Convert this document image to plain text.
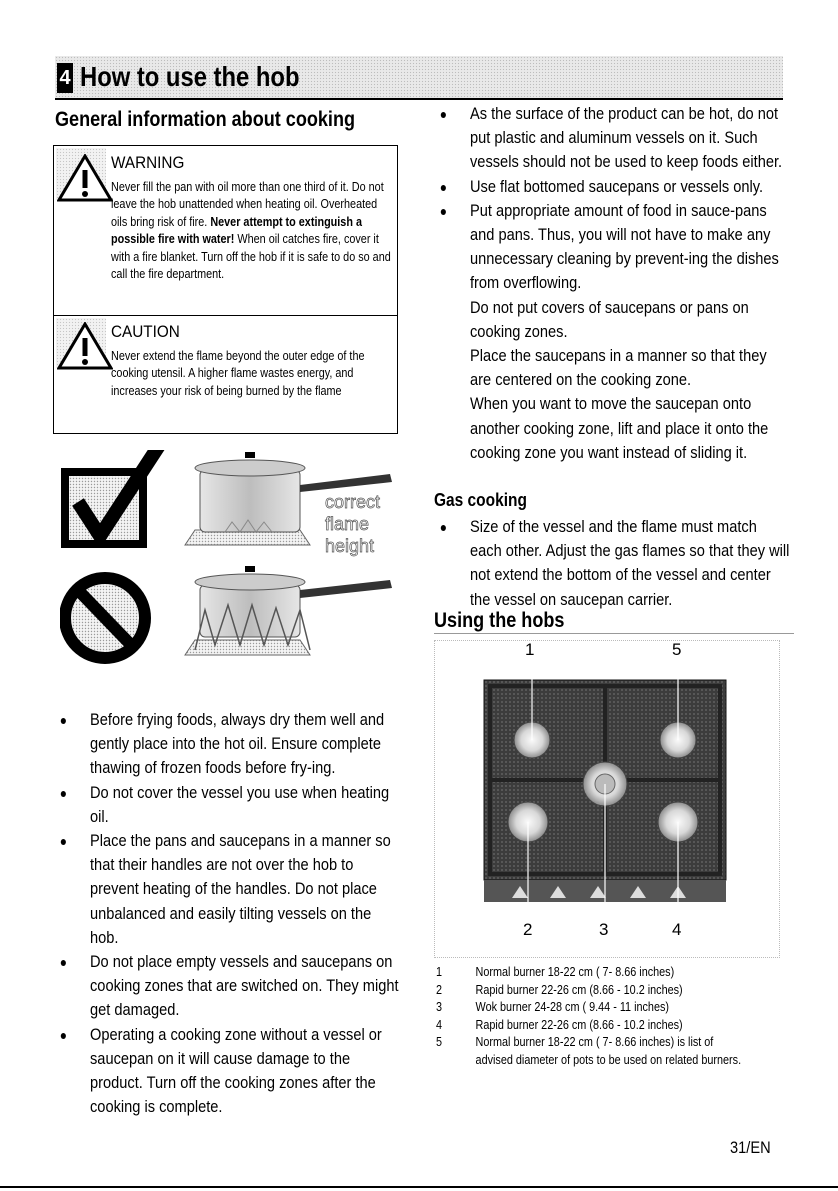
4 How to use the hob
General information about cooking
WARNING
Never fill the pan with oil more than one third of it. Do not leave the hob unattended when heating oil. Overheated oils bring risk of fire. Never attempt to extinguish a possible fire with water! When oil catches fire, cover it with a fire blanket. Turn off the hob if it is safe to do so and call the fire department.
CAUTION
Never extend the flame beyond the outer edge of the cooking utensil. A higher flame wastes energy, and increases your risk of being burned by the flame
correct
flame
height
Before frying foods, always dry them well and gently place into the hot oil. Ensure complete thawing of frozen foods before fry-ing.
Do not cover the vessel you use when heating oil.
Place the pans and saucepans in a manner so that their handles are not over the hob to prevent heating of the handles. Do not place unbalanced and easily tilting vessels on the hob.
Do not place empty vessels and saucepans on cooking zones that are switched on. They might get damaged.
Operating a cooking zone without a vessel or saucepan on it will cause damage to the product. Turn off the cooking zones after the cooking is complete.
As the surface of the product can be hot, do not put plastic and aluminum vessels on it. Such vessels should not be used to keep foods either.
Use flat bottomed saucepans or vessels only.
Put appropriate amount of food in sauce-pans and pans. Thus, you will not have to make any unnecessary cleaning by prevent-ing the dishes from overflowing.
Do not put covers of saucepans or pans on cooking zones.
Place the saucepans in a manner so that they are centered on the cooking zone.
When you want to move the saucepan onto another cooking zone, lift and place it onto the cooking zone you want instead of sliding it.
Gas cooking
Size of the vessel and the flame must match each other. Adjust the gas flames so that they will not extend the bottom of the vessel and center the vessel on saucepan carrier.
Using the hobs
1	5
2	3	4
1	Normal burner 18-22 cm ( 7- 8.66 inches)
2	Rapid burner 22-26 cm (8.66 - 10.2 inches)
3	Wok burner 24-28 cm ( 9.44 - 11 inches)
4	Rapid burner 22-26 cm (8.66 - 10.2 inches)
5	Normal burner 18-22 cm ( 7- 8.66 inches) is list of advised diameter of pots to be used on related burners.
31/EN
